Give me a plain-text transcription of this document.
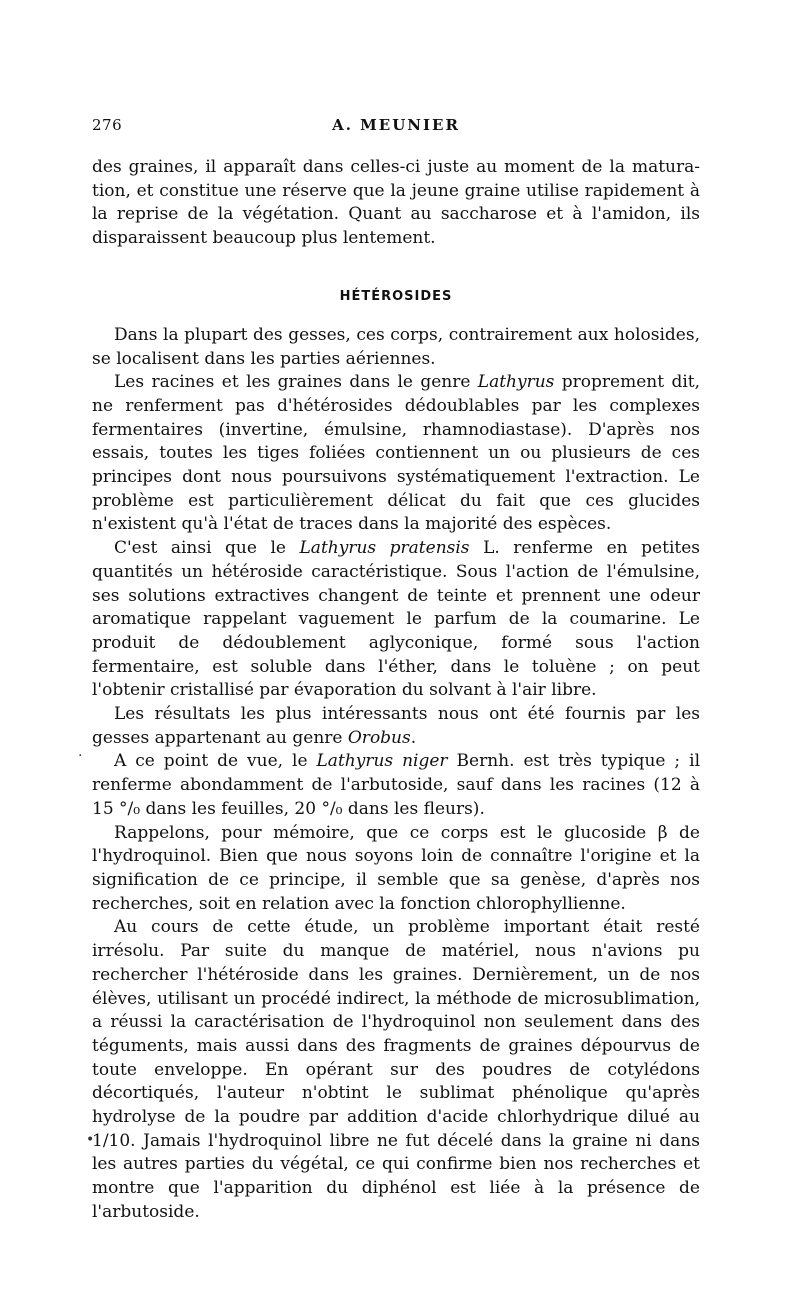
276	A. MEUNIER

des graines, il apparaît dans celles-ci juste au moment de la maturation, et constitue une réserve que la jeune graine utilise rapidement à la reprise de la végétation. Quant au saccharose et à l'amidon, ils disparaissent beaucoup plus lentement.

HÉTÉROSIDES

Dans la plupart des gesses, ces corps, contrairement aux holosides, se localisent dans les parties aériennes.

Les racines et les graines dans le genre Lathyrus proprement dit, ne renferment pas d'hétérosides dédoublables par les complexes fermentaires (invertine, émulsine, rhamnodiastase). D'après nos essais, toutes les tiges foliées contiennent un ou plusieurs de ces principes dont nous poursuivons systématiquement l'extraction. Le problème est particulièrement délicat du fait que ces glucides n'existent qu'à l'état de traces dans la majorité des espèces.

C'est ainsi que le Lathyrus pratensis L. renferme en petites quantités un hétéroside caractéristique. Sous l'action de l'émulsine, ses solutions extractives changent de teinte et prennent une odeur aromatique rappelant vaguement le parfum de la coumarine. Le produit de dédoublement aglyconique, formé sous l'action fermentaire, est soluble dans l'éther, dans le toluène ; on peut l'obtenir cristallisé par évaporation du solvant à l'air libre.

Les résultats les plus intéressants nous ont été fournis par les gesses appartenant au genre Orobus.

A ce point de vue, le Lathyrus niger Bernh. est très typique ; il renferme abondamment de l'arbutoside, sauf dans les racines (12 à 15 °/₀ dans les feuilles, 20 °/₀ dans les fleurs).

Rappelons, pour mémoire, que ce corps est le glucoside β de l'hydroquinol. Bien que nous soyons loin de connaître l'origine et la signification de ce principe, il semble que sa genèse, d'après nos recherches, soit en relation avec la fonction chlorophyllienne.

Au cours de cette étude, un problème important était resté irrésolu. Par suite du manque de matériel, nous n'avions pu rechercher l'hétéroside dans les graines. Dernièrement, un de nos élèves, utilisant un procédé indirect, la méthode de microsublimation, a réussi la caractérisation de l'hydroquinol non seulement dans des téguments, mais aussi dans des fragments de graines dépourvus de toute enveloppe. En opérant sur des poudres de cotylédons décortiqués, l'auteur n'obtint le sublimat phénolique qu'après hydrolyse de la poudre par addition d'acide chlorhydrique dilué au 1/10. Jamais l'hydroquinol libre ne fut décelé dans la graine ni dans les autres parties du végétal, ce qui confirme bien nos recherches et montre que l'apparition du diphénol est liée à la présence de l'arbutoside.

.
•
